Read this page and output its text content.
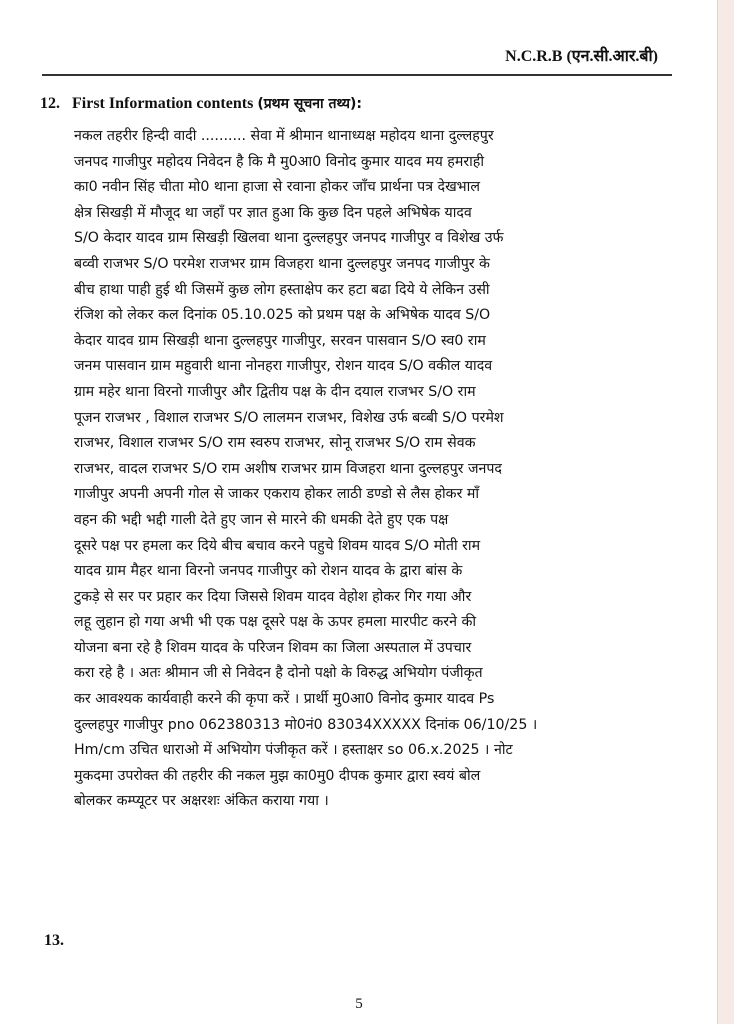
N.C.R.B (एन.सी.आर.बी)
12. First Information contents (प्रथम सूचना तथ्य):
नकल तहरीर हिन्दी वादी .......... सेवा में श्रीमान थानाध्यक्ष महोदय थाना दुल्लहपुर
जनपद गाजीपुर महोदय निवेदन है कि मै मु0आ0 विनोद कुमार यादव मय हमराही
का0 नवीन सिंह चीता मो0 थाना हाजा से रवाना होकर जाँच प्रार्थना पत्र देखभाल
क्षेत्र सिखड़ी में मौजूद था जहाँ पर ज्ञात हुआ कि कुछ दिन पहले अभिषेक यादव
S/O केदार यादव ग्राम सिखड़ी खिलवा थाना दुल्लहपुर जनपद गाजीपुर व विशेख उर्फ
बव्वी राजभर S/O परमेश राजभर ग्राम विजहरा थाना दुल्लहपुर जनपद गाजीपुर के
बीच हाथा पाही हुई थी जिसमें कुछ लोग हस्ताक्षेप कर हटा बढा दिये ये लेकिन उसी
रंजिश को लेकर कल दिनांक 05.10.025 को प्रथम पक्ष के अभिषेक यादव S/O
केदार यादव ग्राम सिखड़ी थाना दुल्लहपुर गाजीपुर, सरवन पासवान S/O स्व0 राम
जनम पासवान ग्राम महुवारी थाना नोनहरा गाजीपुर, रोशन यादव S/O वकील यादव
ग्राम महेर थाना विरनो गाजीपुर और द्वितीय पक्ष के दीन दयाल राजभर S/O राम
पूजन राजभर , विशाल राजभर S/O लालमन राजभर, विशेख उर्फ बव्बी S/O परमेश
राजभर, विशाल राजभर S/O राम स्वरुप राजभर, सोनू राजभर S/O राम सेवक
राजभर, वादल राजभर S/O राम अशीष राजभर ग्राम विजहरा थाना दुल्लहपुर जनपद
गाजीपुर अपनी अपनी गोल से जाकर एकराय होकर लाठी डण्डो से लैस होकर माँ
वहन की भद्दी भद्दी गाली देते हुए जान से मारने की धमकी देते हुए एक पक्ष
दूसरे पक्ष पर हमला कर दिये बीच बचाव करने पहुचे शिवम यादव S/O मोती राम
यादव ग्राम मैहर थाना विरनो जनपद गाजीपुर को रोशन यादव के द्वारा बांस के
टुकड़े से सर पर प्रहार कर दिया जिससे शिवम यादव वेहोश होकर गिर गया और
लहू लुहान हो गया अभी भी एक पक्ष दूसरे पक्ष के ऊपर हमला मारपीट करने की
योजना बना रहे है शिवम यादव के परिजन शिवम का जिला अस्पताल में उपचार
करा रहे है । अतः श्रीमान जी से निवेदन है दोनो पक्षो के विरुद्ध अभियोग पंजीकृत
कर आवश्यक कार्यवाही करने की कृपा करें । प्रार्थी मु0आ0 विनोद कुमार यादव Ps
दुल्लहपुर गाजीपुर pno 062380313 मो0नं0 83034XXXXX दिनांक 06/10/25 ।
Hm/cm उचित धाराओ में अभियोग पंजीकृत करें । हस्ताक्षर so 06.x.2025 । नोट
मुकदमा उपरोक्त की तहरीर की नकल मुझ का0मु0 दीपक कुमार द्वारा स्वयं बोल
बोलकर कम्प्यूटर पर अक्षरशः अंकित कराया गया ।
13.
5
